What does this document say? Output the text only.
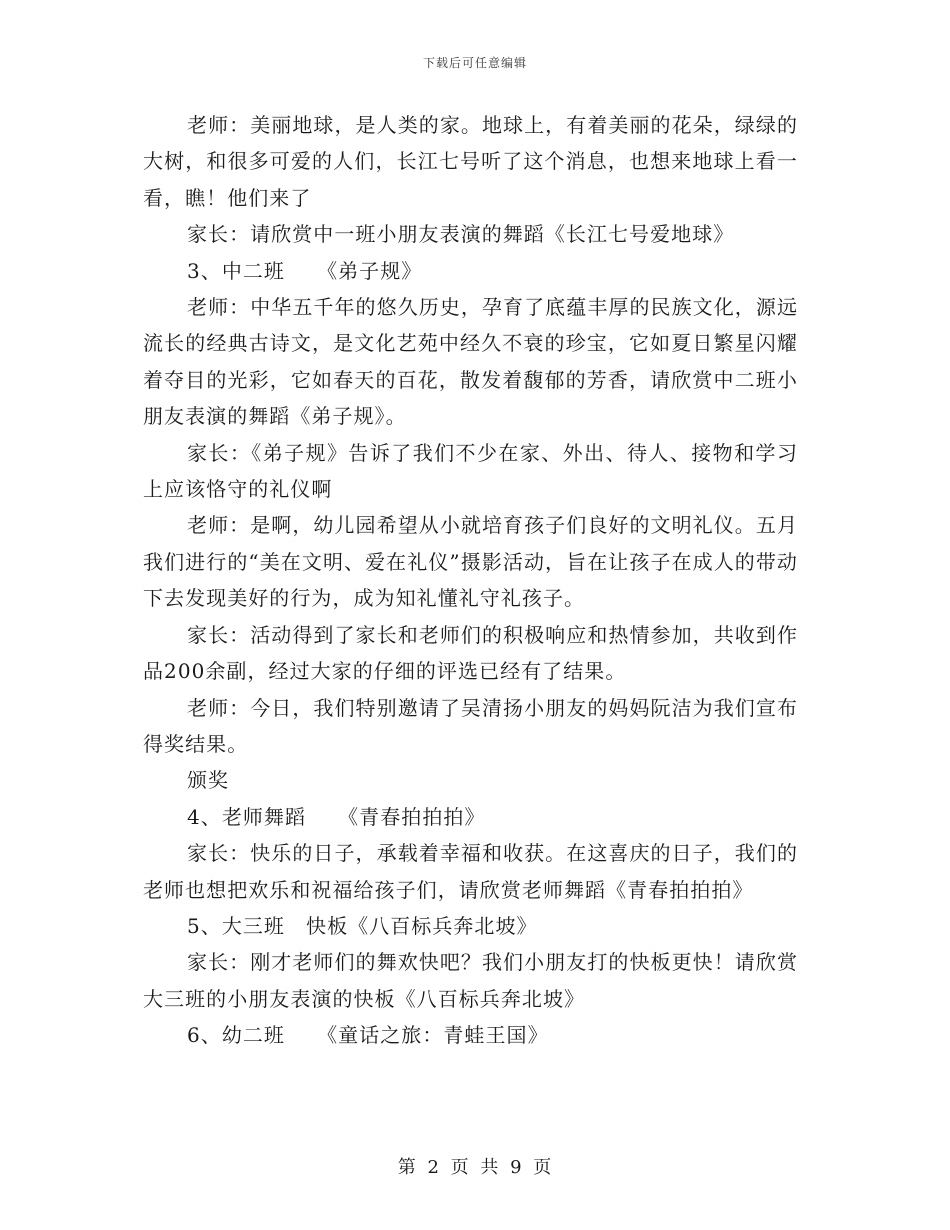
下载后可任意编辑

老师：美丽地球，是人类的家。地球上，有着美丽的花朵，绿绿的大树，和很多可爱的人们，长江七号听了这个消息，也想来地球上看一看，瞧！他们来了

家长：请欣赏中一班小朋友表演的舞蹈《长江七号爱地球》

3、中二班　　《弟子规》

老师：中华五千年的悠久历史，孕育了底蕴丰厚的民族文化，源远流长的经典古诗文，是文化艺苑中经久不衰的珍宝，它如夏日繁星闪耀着夺目的光彩，它如春天的百花，散发着馥郁的芳香，请欣赏中二班小朋友表演的舞蹈《弟子规》。

家长：《弟子规》告诉了我们不少在家、外出、待人、接物和学习上应该恪守的礼仪啊

老师：是啊，幼儿园希望从小就培育孩子们良好的文明礼仪。五月我们进行的“美在文明、爱在礼仪”摄影活动，旨在让孩子在成人的带动下去发现美好的行为，成为知礼懂礼守礼孩子。

家长：活动得到了家长和老师们的积极响应和热情参加，共收到作品200余副，经过大家的仔细的评选已经有了结果。

老师：今日，我们特别邀请了吴清扬小朋友的妈妈阮洁为我们宣布得奖结果。

颁奖

4、老师舞蹈　　《青春拍拍拍》

家长：快乐的日子，承载着幸福和收获。在这喜庆的日子，我们的老师也想把欢乐和祝福给孩子们，请欣赏老师舞蹈《青春拍拍拍》

5、大三班　快板《八百标兵奔北坡》

家长：刚才老师们的舞欢快吧？我们小朋友打的快板更快！请欣赏大三班的小朋友表演的快板《八百标兵奔北坡》

6、幼二班　　《童话之旅：青蛙王国》

第 2 页 共 9 页
